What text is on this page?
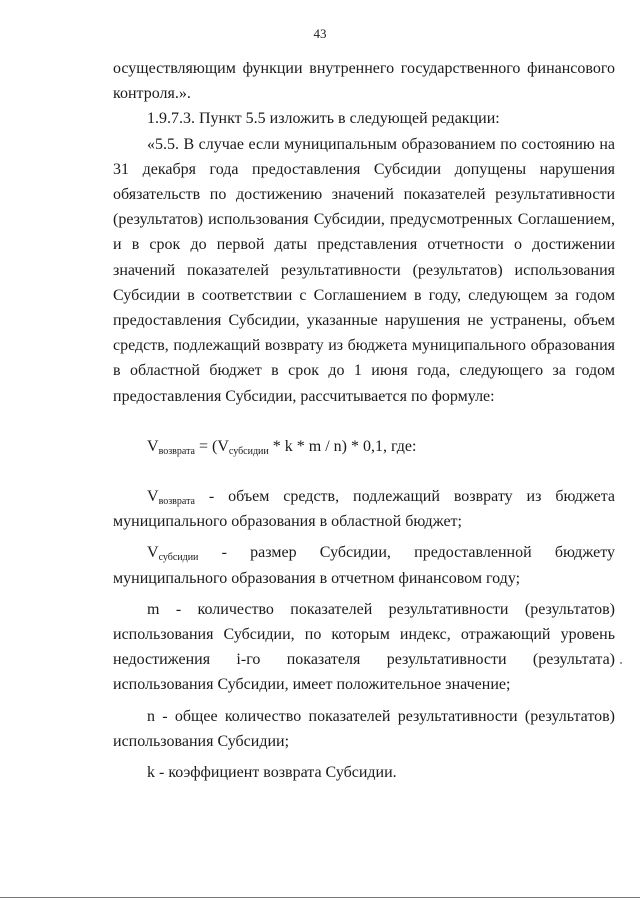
43

осуществляющим функции внутреннего государственного финансового контроля.».

1.9.7.3. Пункт 5.5 изложить в следующей редакции:

«5.5. В случае если муниципальным образованием по состоянию на 31 декабря года предоставления Субсидии допущены нарушения обязательств по достижению значений показателей результативности (результатов) использования Субсидии, предусмотренных Соглашением, и в срок до первой даты представления отчетности о достижении значений показателей результативности (результатов) использования Субсидии в соответствии с Соглашением в году, следующем за годом предоставления Субсидии, указанные нарушения не устранены, объем средств, подлежащий возврату из бюджета муниципального образования в областной бюджет в срок до 1 июня года, следующего за годом предоставления Субсидии, рассчитывается по формуле:

$V_{возврата} = (V_{субсидии} * k * m / n) * 0,1$, где:

$V_{возврата}$ - объем средств, подлежащий возврату из бюджета муниципального образования в областной бюджет;

$V_{субсидии}$ - размер Субсидии, предоставленной бюджету муниципального образования в отчетном финансовом году;

m - количество показателей результативности (результатов) использования Субсидии, по которым индекс, отражающий уровень недостижения i-го показателя результативности (результата) использования Субсидии, имеет положительное значение;

n - общее количество показателей результативности (результатов) использования Субсидии;

k - коэффициент возврата Субсидии.
